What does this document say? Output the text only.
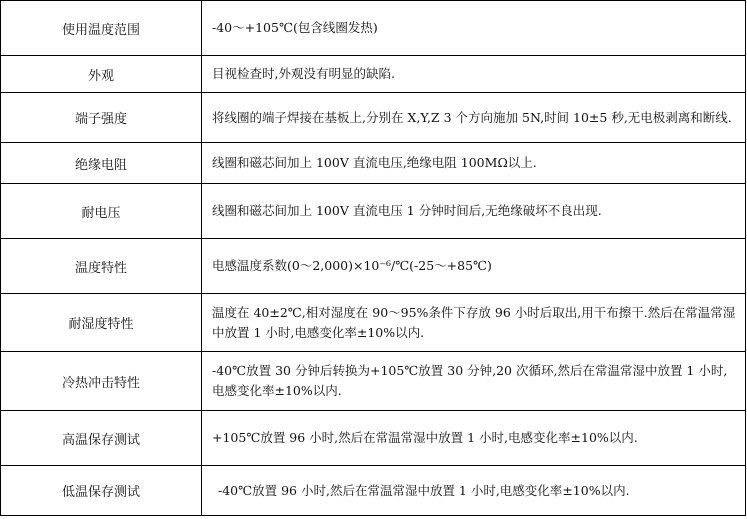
使用温度范围	-40～+105℃(包含线圈发热)
外观	目视检查时,外观没有明显的缺陷.
端子强度	将线圈的端子焊接在基板上,分别在 X,Y,Z 3 个方向施加 5N,时间 10±5 秒,无电极剥离和断线.
绝缘电阻	线圈和磁芯间加上 100V 直流电压,绝缘电阻 100MΩ以上.
耐电压	线圈和磁芯间加上 100V 直流电压 1 分钟时间后,无绝缘破坏不良出现.
温度特性	电感温度系数(0～2,000)×10⁻⁶/℃(-25～+85℃)
耐湿度特性	温度在 40±2℃,相对湿度在 90～95%条件下存放 96 小时后取出,用干布擦干.然后在常温常湿中放置 1 小时,电感变化率±10%以内.
冷热冲击特性	-40℃放置 30 分钟后转换为+105℃放置 30 分钟,20 次循环,然后在常温常湿中放置 1 小时,电感变化率±10%以内.
高温保存测试	+105℃放置 96 小时,然后在常温常湿中放置 1 小时,电感变化率±10%以内.
低温保存测试	-40℃放置 96 小时,然后在常温常湿中放置 1 小时,电感变化率±10%以内.
